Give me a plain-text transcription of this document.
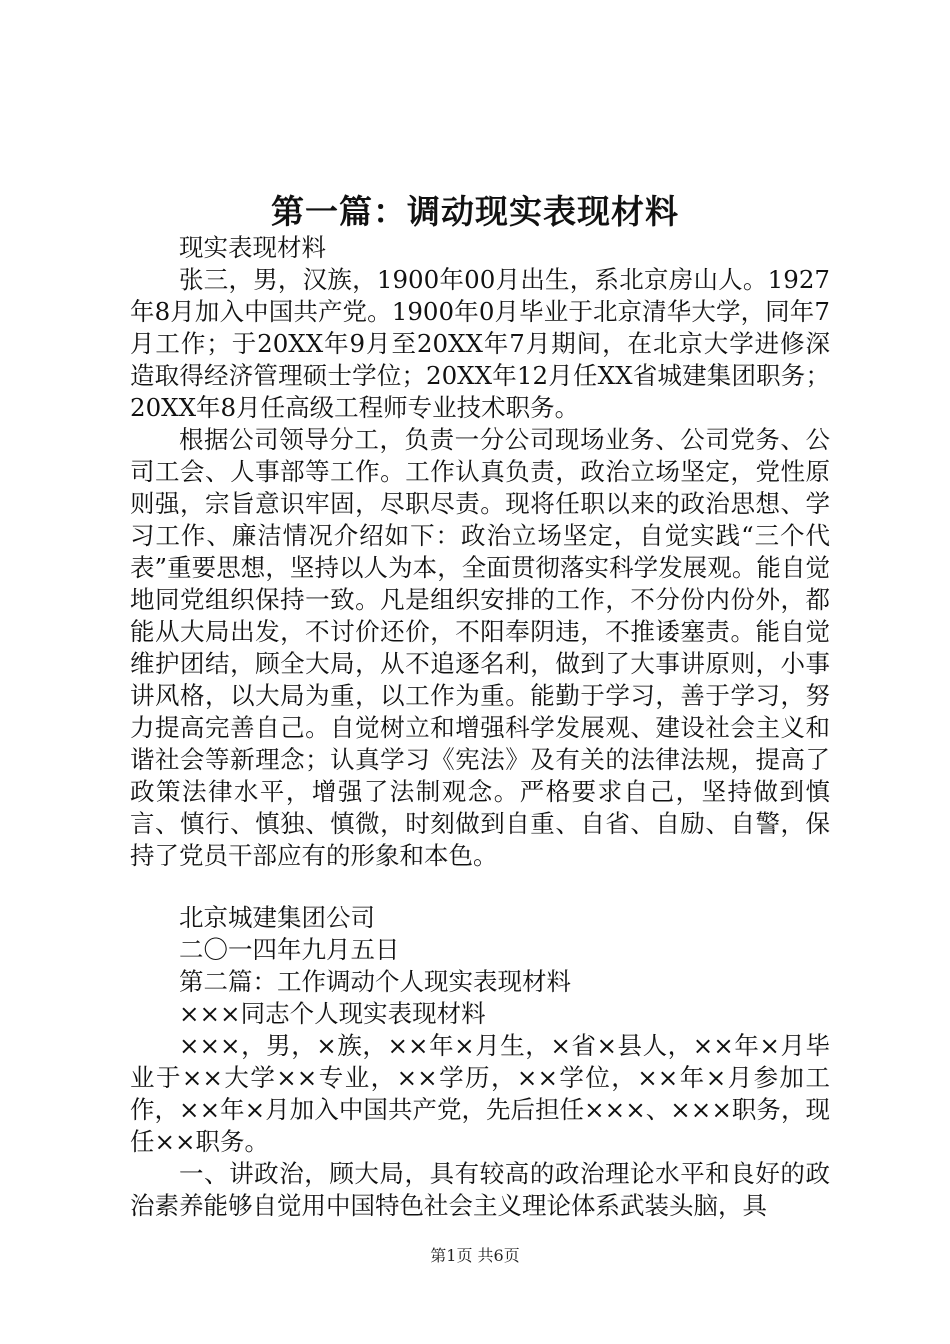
第一篇：调动现实表现材料

现实表现材料

张三，男，汉族，1900年00月出生，系北京房山人。1927年8月加入中国共产党。1900年0月毕业于北京清华大学，同年7月工作；于20XX年9月至20XX年7月期间，在北京大学进修深造取得经济管理硕士学位；20XX年12月任XX省城建集团职务；20XX年8月任高级工程师专业技术职务。

根据公司领导分工，负责一分公司现场业务、公司党务、公司工会、人事部等工作。工作认真负责，政治立场坚定，党性原则强，宗旨意识牢固，尽职尽责。现将任职以来的政治思想、学习工作、廉洁情况介绍如下：政治立场坚定，自觉实践“三个代表”重要思想，坚持以人为本，全面贯彻落实科学发展观。能自觉地同党组织保持一致。凡是组织安排的工作，不分份内份外，都能从大局出发，不讨价还价，不阳奉阴违，不推诿塞责。能自觉维护团结，顾全大局，从不追逐名利，做到了大事讲原则，小事讲风格，以大局为重，以工作为重。能勤于学习，善于学习，努力提高完善自己。自觉树立和增强科学发展观、建设社会主义和谐社会等新理念；认真学习《宪法》及有关的法律法规，提高了政策法律水平，增强了法制观念。严格要求自己，坚持做到慎言、慎行、慎独、慎微，时刻做到自重、自省、自励、自警，保持了党员干部应有的形象和本色。

北京城建集团公司

二〇一四年九月五日

第二篇：工作调动个人现实表现材料

×××同志个人现实表现材料

×××，男，×族，××年×月生，×省×县人，××年×月毕业于××大学××专业，××学历，××学位，××年×月参加工作，××年×月加入中国共产党，先后担任×××、×××职务，现任××职务。

一、讲政治，顾大局，具有较高的政治理论水平和良好的政治素养能够自觉用中国特色社会主义理论体系武装头脑，具

第1页 共6页
